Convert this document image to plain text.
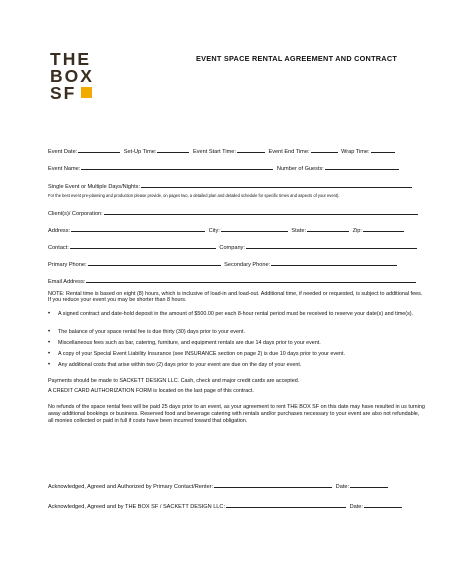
THE
BOX
SF
EVENT SPACE RENTAL AGREEMENT AND CONTRACT
Event Date:	Set-Up Time:	Event Start Time:	Event End Time:	Wrap Time:
Event Name:	Number of Guests:
Single Event or Multiple Days/Nights:
For the best event pre-planning and production please provide, on pages two, a detailed plan and detailed schedule for specific times and aspects of your event).
Client(s)/ Corporation:
Address:	City:	State:	Zip:
Contact:	Company:
Primary Phone:	Secondary Phone:
Email Address:
NOTE: Rental time is based on eight (8) hours, which is inclusive of load-in and load-out. Additional time, if needed or requested, is subject to additional fees. If you reduce your event you may be shorter than 8 hours.
• A signed contract and date-hold deposit in the amount of $500.00 per each 8-hour rental period must be received to reserve your date(s) and time(s).
• The balance of your space rental fee is due thirty (30) days prior to your event.
• Miscellaneous fees such as bar, catering, furniture, and equipment rentals are due 14 days prior to your event.
• A copy of your Special Event Liability Insurance (see INSURANCE section on page 2) is due 10 days prior to your event.
• Any additional costs that arise within two (2) days prior to your event are due on the day of your event.
Payments should be made to SACKETT DESIGN LLC. Cash, check and major credit cards are accepted.
A CREDIT CARD AUTHORIZATION FORM is located on the last page of this contract.
No refunds of the space rental fees will be paid 25 days prior to an event, as your agreement to rent THE BOX SF on this date may have resulted in us turning away additional bookings or business. Reserved food and beverage catering with rentals and/or purchases necessary to your event are also not refundable, all monies collected or paid in full if costs have been incurred toward that obligation.
Acknowledged, Agreed and Authorized by Primary Contact/Renter:	Date:
Acknowledged, Agreed and by THE BOX SF / SACKETT DESIGN LLC:	Date:
